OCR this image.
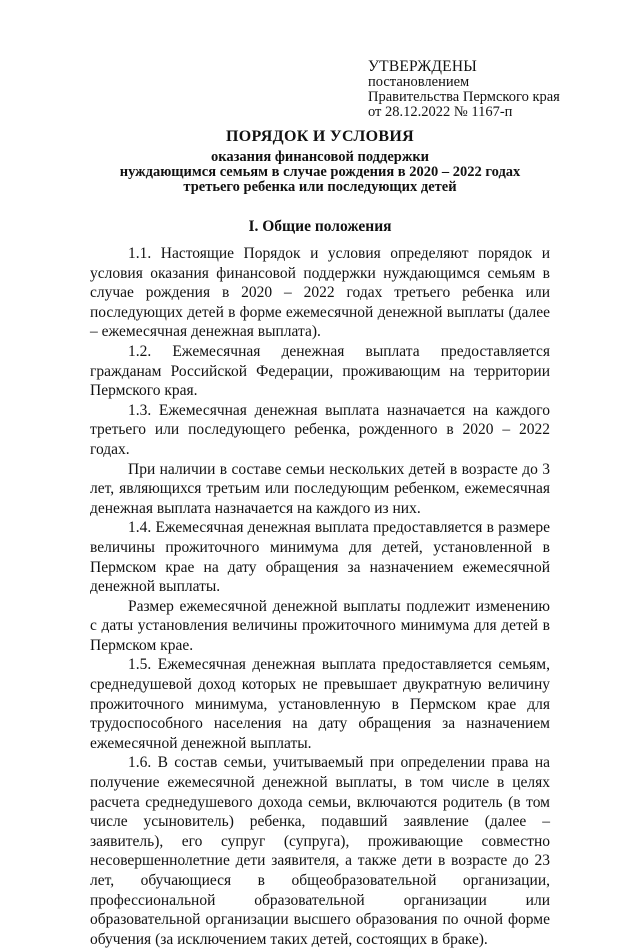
УТВЕРЖДЕНЫ
постановлением
Правительства Пермского края
от 28.12.2022 № 1167-п
ПОРЯДОК И УСЛОВИЯ
оказания финансовой поддержки
нуждающимся семьям в случае рождения в 2020 – 2022 годах
третьего ребенка или последующих детей
I. Общие положения

1.1. Настоящие Порядок и условия определяют порядок и условия оказания финансовой поддержки нуждающимся семьям в случае рождения в 2020 – 2022 годах третьего ребенка или последующих детей в форме ежемесячной денежной выплаты (далее – ежемесячная денежная выплата).

1.2. Ежемесячная денежная выплата предоставляется гражданам Российской Федерации, проживающим на территории Пермского края.

1.3. Ежемесячная денежная выплата назначается на каждого третьего или последующего ребенка, рожденного в 2020 – 2022 годах.

При наличии в составе семьи нескольких детей в возрасте до 3 лет, являющихся третьим или последующим ребенком, ежемесячная денежная выплата назначается на каждого из них.

1.4. Ежемесячная денежная выплата предоставляется в размере величины прожиточного минимума для детей, установленной в Пермском крае на дату обращения за назначением ежемесячной денежной выплаты.

Размер ежемесячной денежной выплаты подлежит изменению с даты установления величины прожиточного минимума для детей в Пермском крае.

1.5. Ежемесячная денежная выплата предоставляется семьям, среднедушевой доход которых не превышает двукратную величину прожиточного минимума, установленную в Пермском крае для трудоспособного населения на дату обращения за назначением ежемесячной денежной выплаты.

1.6. В состав семьи, учитываемый при определении права на получение ежемесячной денежной выплаты, в том числе в целях расчета среднедушевого дохода семьи, включаются родитель (в том числе усыновитель) ребенка, подавший заявление (далее – заявитель), его супруг (супруга), проживающие совместно несовершеннолетние дети заявителя, а также дети в возрасте до 23 лет, обучающиеся в общеобразовательной организации, профессиональной образовательной организации или образовательной организации высшего образования по очной форме обучения (за исключением таких детей, состоящих в браке).
